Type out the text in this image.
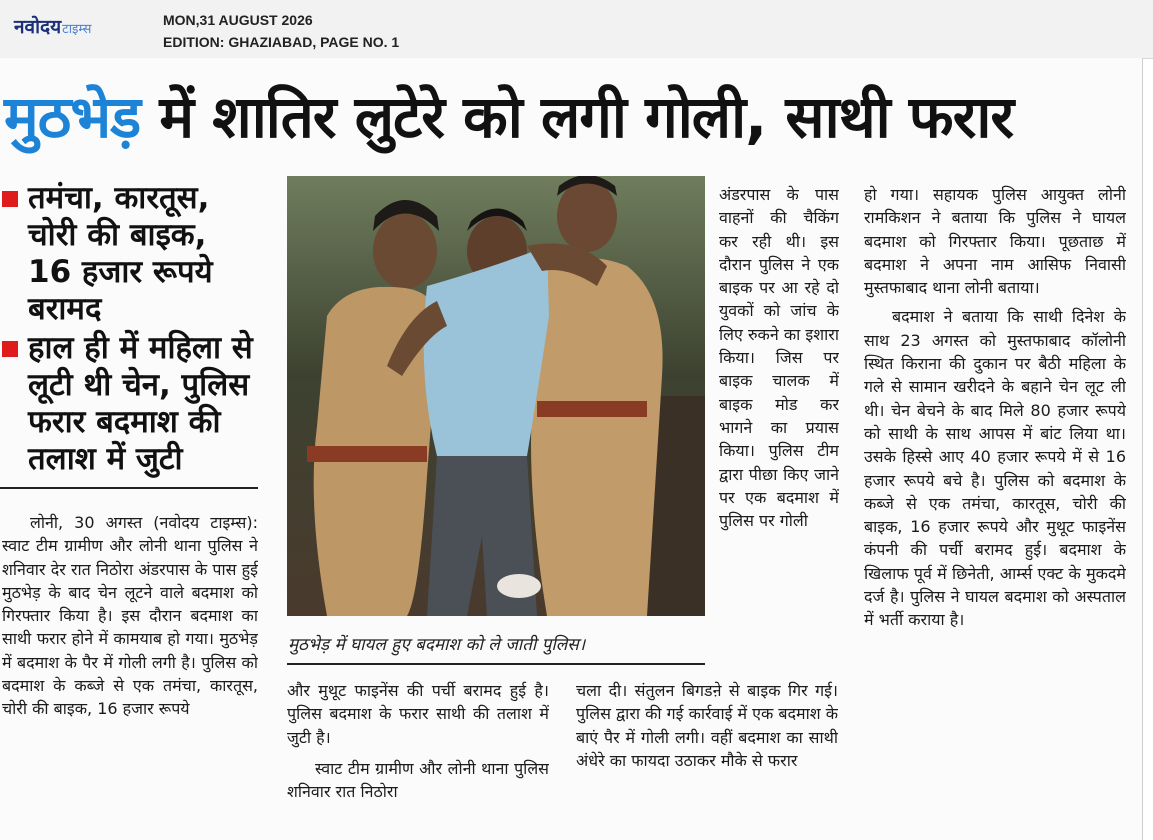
नवोदयटाइम्स
MON,31 AUGUST 2026
EDITION: GHAZIABAD, PAGE NO. 1
मुठभेड़ में शातिर लुटेरे को लगी गोली, साथी फरार
तमंचा, कारतूस, चोरी की बाइक, 16 हजार रूपये बरामद
हाल ही में महिला से लूटी थी चेन, पुलिस फरार बदमाश की तलाश में जुटी

लोनी, 30 अगस्त (नवोदय टाइम्स): स्वाट टीम ग्रामीण और लोनी थाना पुलिस ने शनिवार देर रात निठोरा अंडरपास के पास हुई मुठभेड़ के बाद चेन लूटने वाले बदमाश को गिरफ्तार किया है। इस दौरान बदमाश का साथी फरार होने में कामयाब हो गया। मुठभेड़ में बदमाश के पैर में गोली लगी है। पुलिस को बदमाश के कब्जे से एक तमंचा, कारतूस, चोरी की बाइक, 16 हजार रूपये

मुठभेड़ में घायल हुए बदमाश को ले जाती पुलिस।

और मुथूट फाइनेंस की पर्ची बरामद हुई है। पुलिस बदमाश के फरार साथी की तलाश में जुटी है।

स्वाट टीम ग्रामीण और लोनी थाना पुलिस शनिवार रात निठोरा

अंडरपास के पास वाहनों की चैकिंग कर रही थी। इस दौरान पुलिस ने एक बाइक पर आ रहे दो युवकों को जांच के लिए रुकने का इशारा किया। जिस पर बाइक चालक में बाइक मोड कर भागने का प्रयास किया। पुलिस टीम द्वारा पीछा किए जाने पर एक बदमाश में पुलिस पर गोली

चला दी। संतुलन बिगडऩे से बाइक गिर गई। पुलिस द्वारा की गई कार्रवाई में एक बदमाश के बाएं पैर में गोली लगी। वहीं बदमाश का साथी अंधेरे का फायदा उठाकर मौके से फरार

हो गया। सहायक पुलिस आयुक्त लोनी रामकिशन ने बताया कि पुलिस ने घायल बदमाश को गिरफ्तार किया। पूछताछ में बदमाश ने अपना नाम आसिफ निवासी मुस्तफाबाद थाना लोनी बताया।

बदमाश ने बताया कि साथी दिनेश के साथ 23 अगस्त को मुस्तफाबाद कॉलोनी स्थित किराना की दुकान पर बैठी महिला के गले से सामान खरीदने के बहाने चेन लूट ली थी। चेन बेचने के बाद मिले 80 हजार रूपये को साथी के साथ आपस में बांट लिया था। उसके हिस्से आए 40 हजार रूपये में से 16 हजार रूपये बचे है। पुलिस को बदमाश के कब्जे से एक तमंचा, कारतूस, चोरी की बाइक, 16 हजार रूपये और मुथूट फाइनेंस कंपनी की पर्ची बरामद हुई। बदमाश के खिलाफ पूर्व में छिनेती, आर्म्स एक्ट के मुकदमे दर्ज है। पुलिस ने घायल बदमाश को अस्पताल में भर्ती कराया है।
